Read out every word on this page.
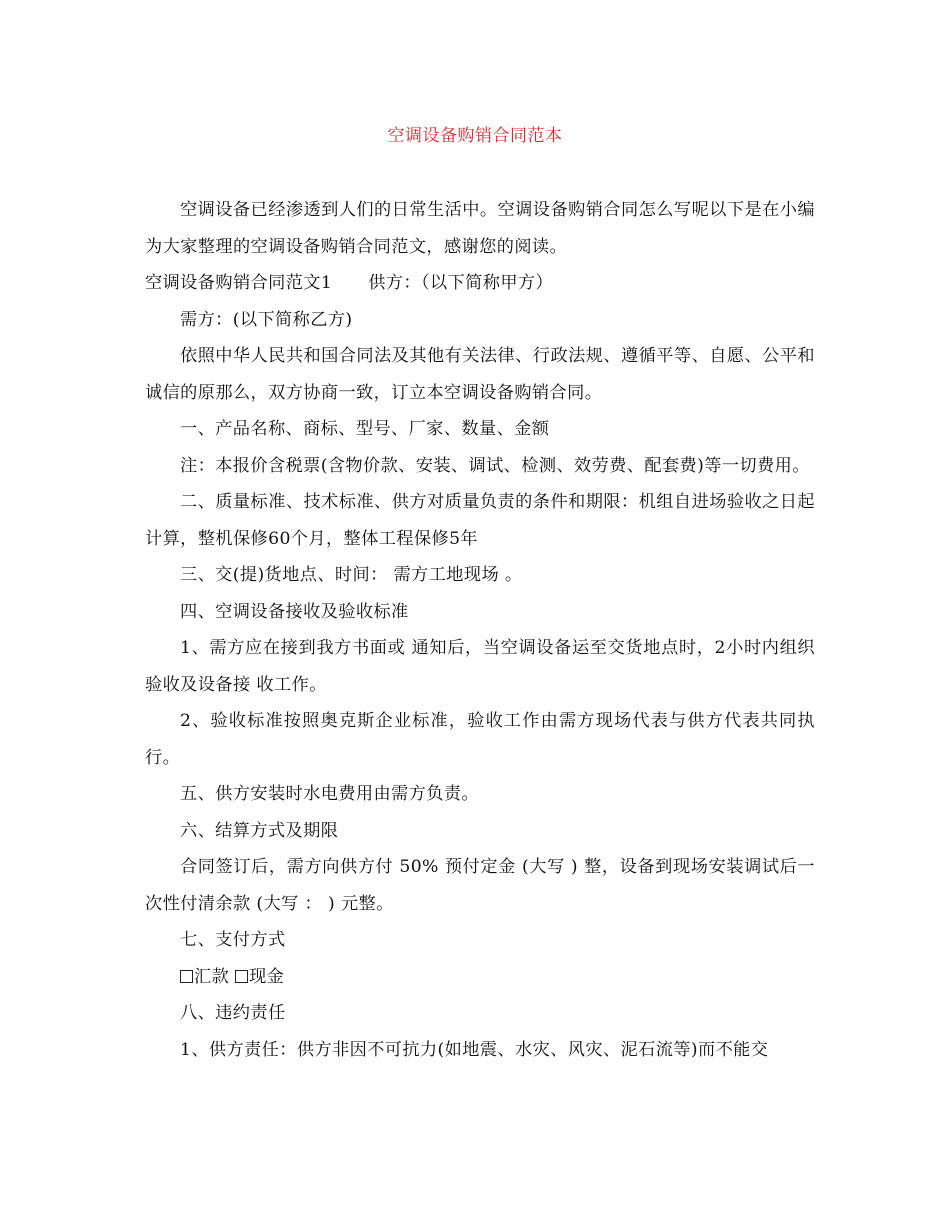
空调设备购销合同范本

空调设备已经渗透到人们的日常生活中。空调设备购销合同怎么写呢以下是在小编为大家整理的空调设备购销合同范文，感谢您的阅读。

空调设备购销合同范文1 供方：（以下简称甲方）

需方：(以下简称乙方)

依照中华人民共和国合同法及其他有关法律、行政法规、遵循平等、自愿、公平和诚信的原那么，双方协商一致，订立本空调设备购销合同。

一、产品名称、商标、型号、厂家、数量、金额

注：本报价含税票(含物价款、安装、调试、检测、效劳费、配套费)等一切费用。

二、质量标准、技术标准、供方对质量负责的条件和期限：机组自进场验收之日起计算，整机保修60个月，整体工程保修5年

三、交(提)货地点、时间： 需方工地现场 。

四、空调设备接收及验收标准

1、需方应在接到我方书面或 通知后，当空调设备运至交货地点时，2小时内组织验收及设备接 收工作。

2、验收标准按照奥克斯企业标准，验收工作由需方现场代表与供方代表共同执行。

五、供方安装时水电费用由需方负责。

六、结算方式及期限

合同签订后，需方向供方付 50% 预付定金 (大写 ) 整，设备到现场安装调试后一次性付清余款 (大写 ： ) 元整。

七、支付方式

汇款 现金

八、违约责任

1、供方责任：供方非因不可抗力(如地震、水灾、风灾、泥石流等)而不能交
